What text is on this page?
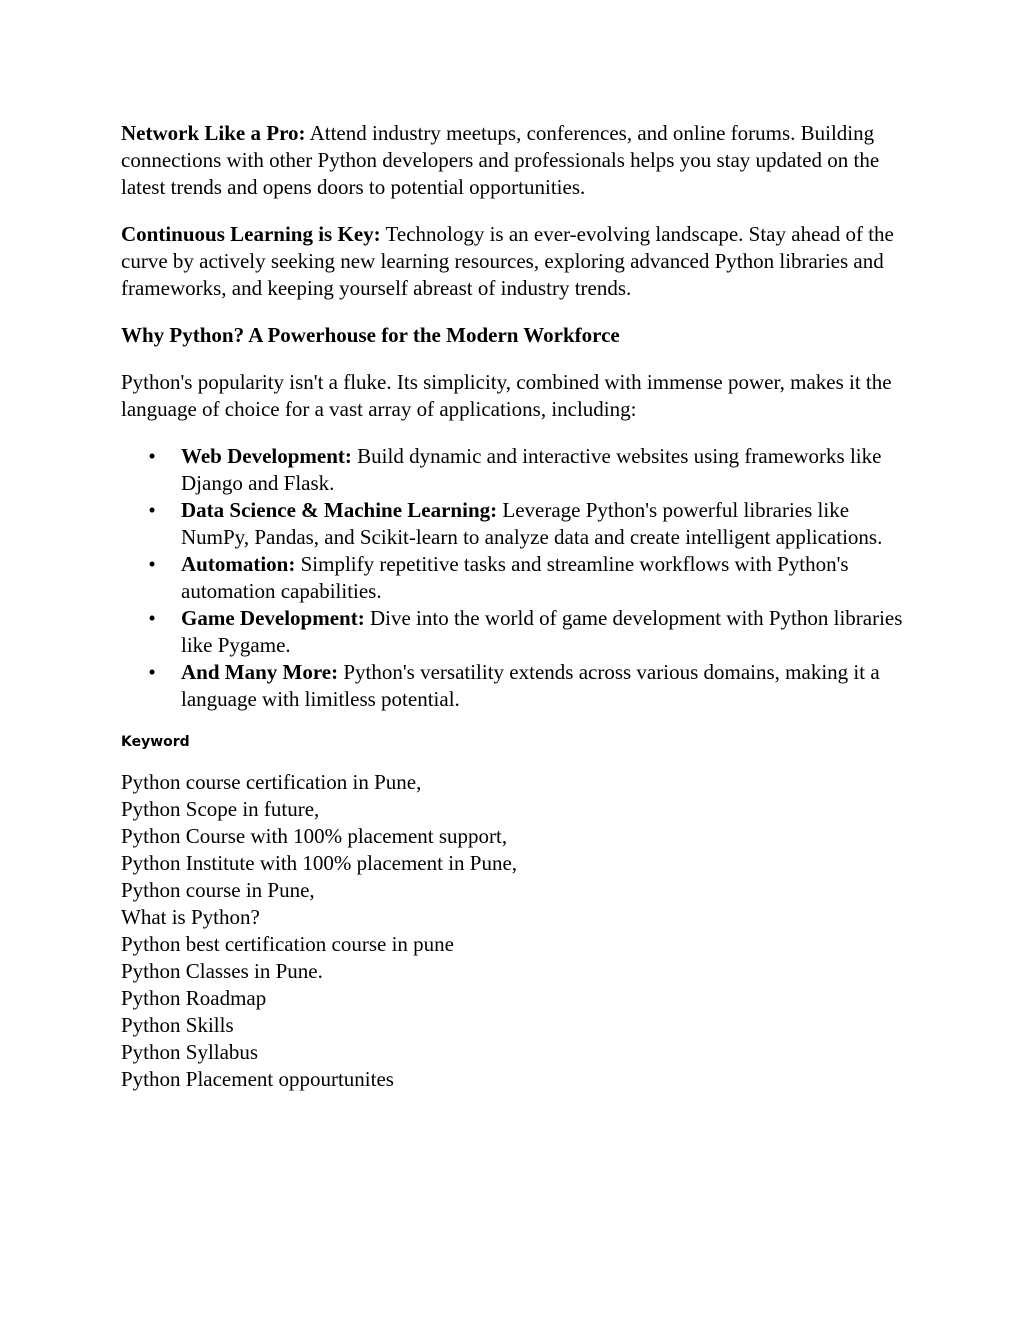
Network Like a Pro: Attend industry meetups, conferences, and online forums. Building connections with other Python developers and professionals helps you stay updated on the latest trends and opens doors to potential opportunities.

Continuous Learning is Key: Technology is an ever-evolving landscape. Stay ahead of the curve by actively seeking new learning resources, exploring advanced Python libraries and frameworks, and keeping yourself abreast of industry trends.

Why Python? A Powerhouse for the Modern Workforce

Python's popularity isn't a fluke. Its simplicity, combined with immense power, makes it the language of choice for a vast array of applications, including:

• Web Development: Build dynamic and interactive websites using frameworks like Django and Flask.
• Data Science & Machine Learning: Leverage Python's powerful libraries like NumPy, Pandas, and Scikit-learn to analyze data and create intelligent applications.
• Automation: Simplify repetitive tasks and streamline workflows with Python's automation capabilities.
• Game Development: Dive into the world of game development with Python libraries like Pygame.
• And Many More: Python's versatility extends across various domains, making it a language with limitless potential.
Keyword
Python course certification in Pune,
Python Scope in future,
Python Course with 100% placement support,
Python Institute with 100% placement in Pune,
Python course in Pune,
What is Python?
Python best certification course in pune
Python Classes in Pune.
Python Roadmap
Python Skills
Python Syllabus
Python Placement oppourtunites
